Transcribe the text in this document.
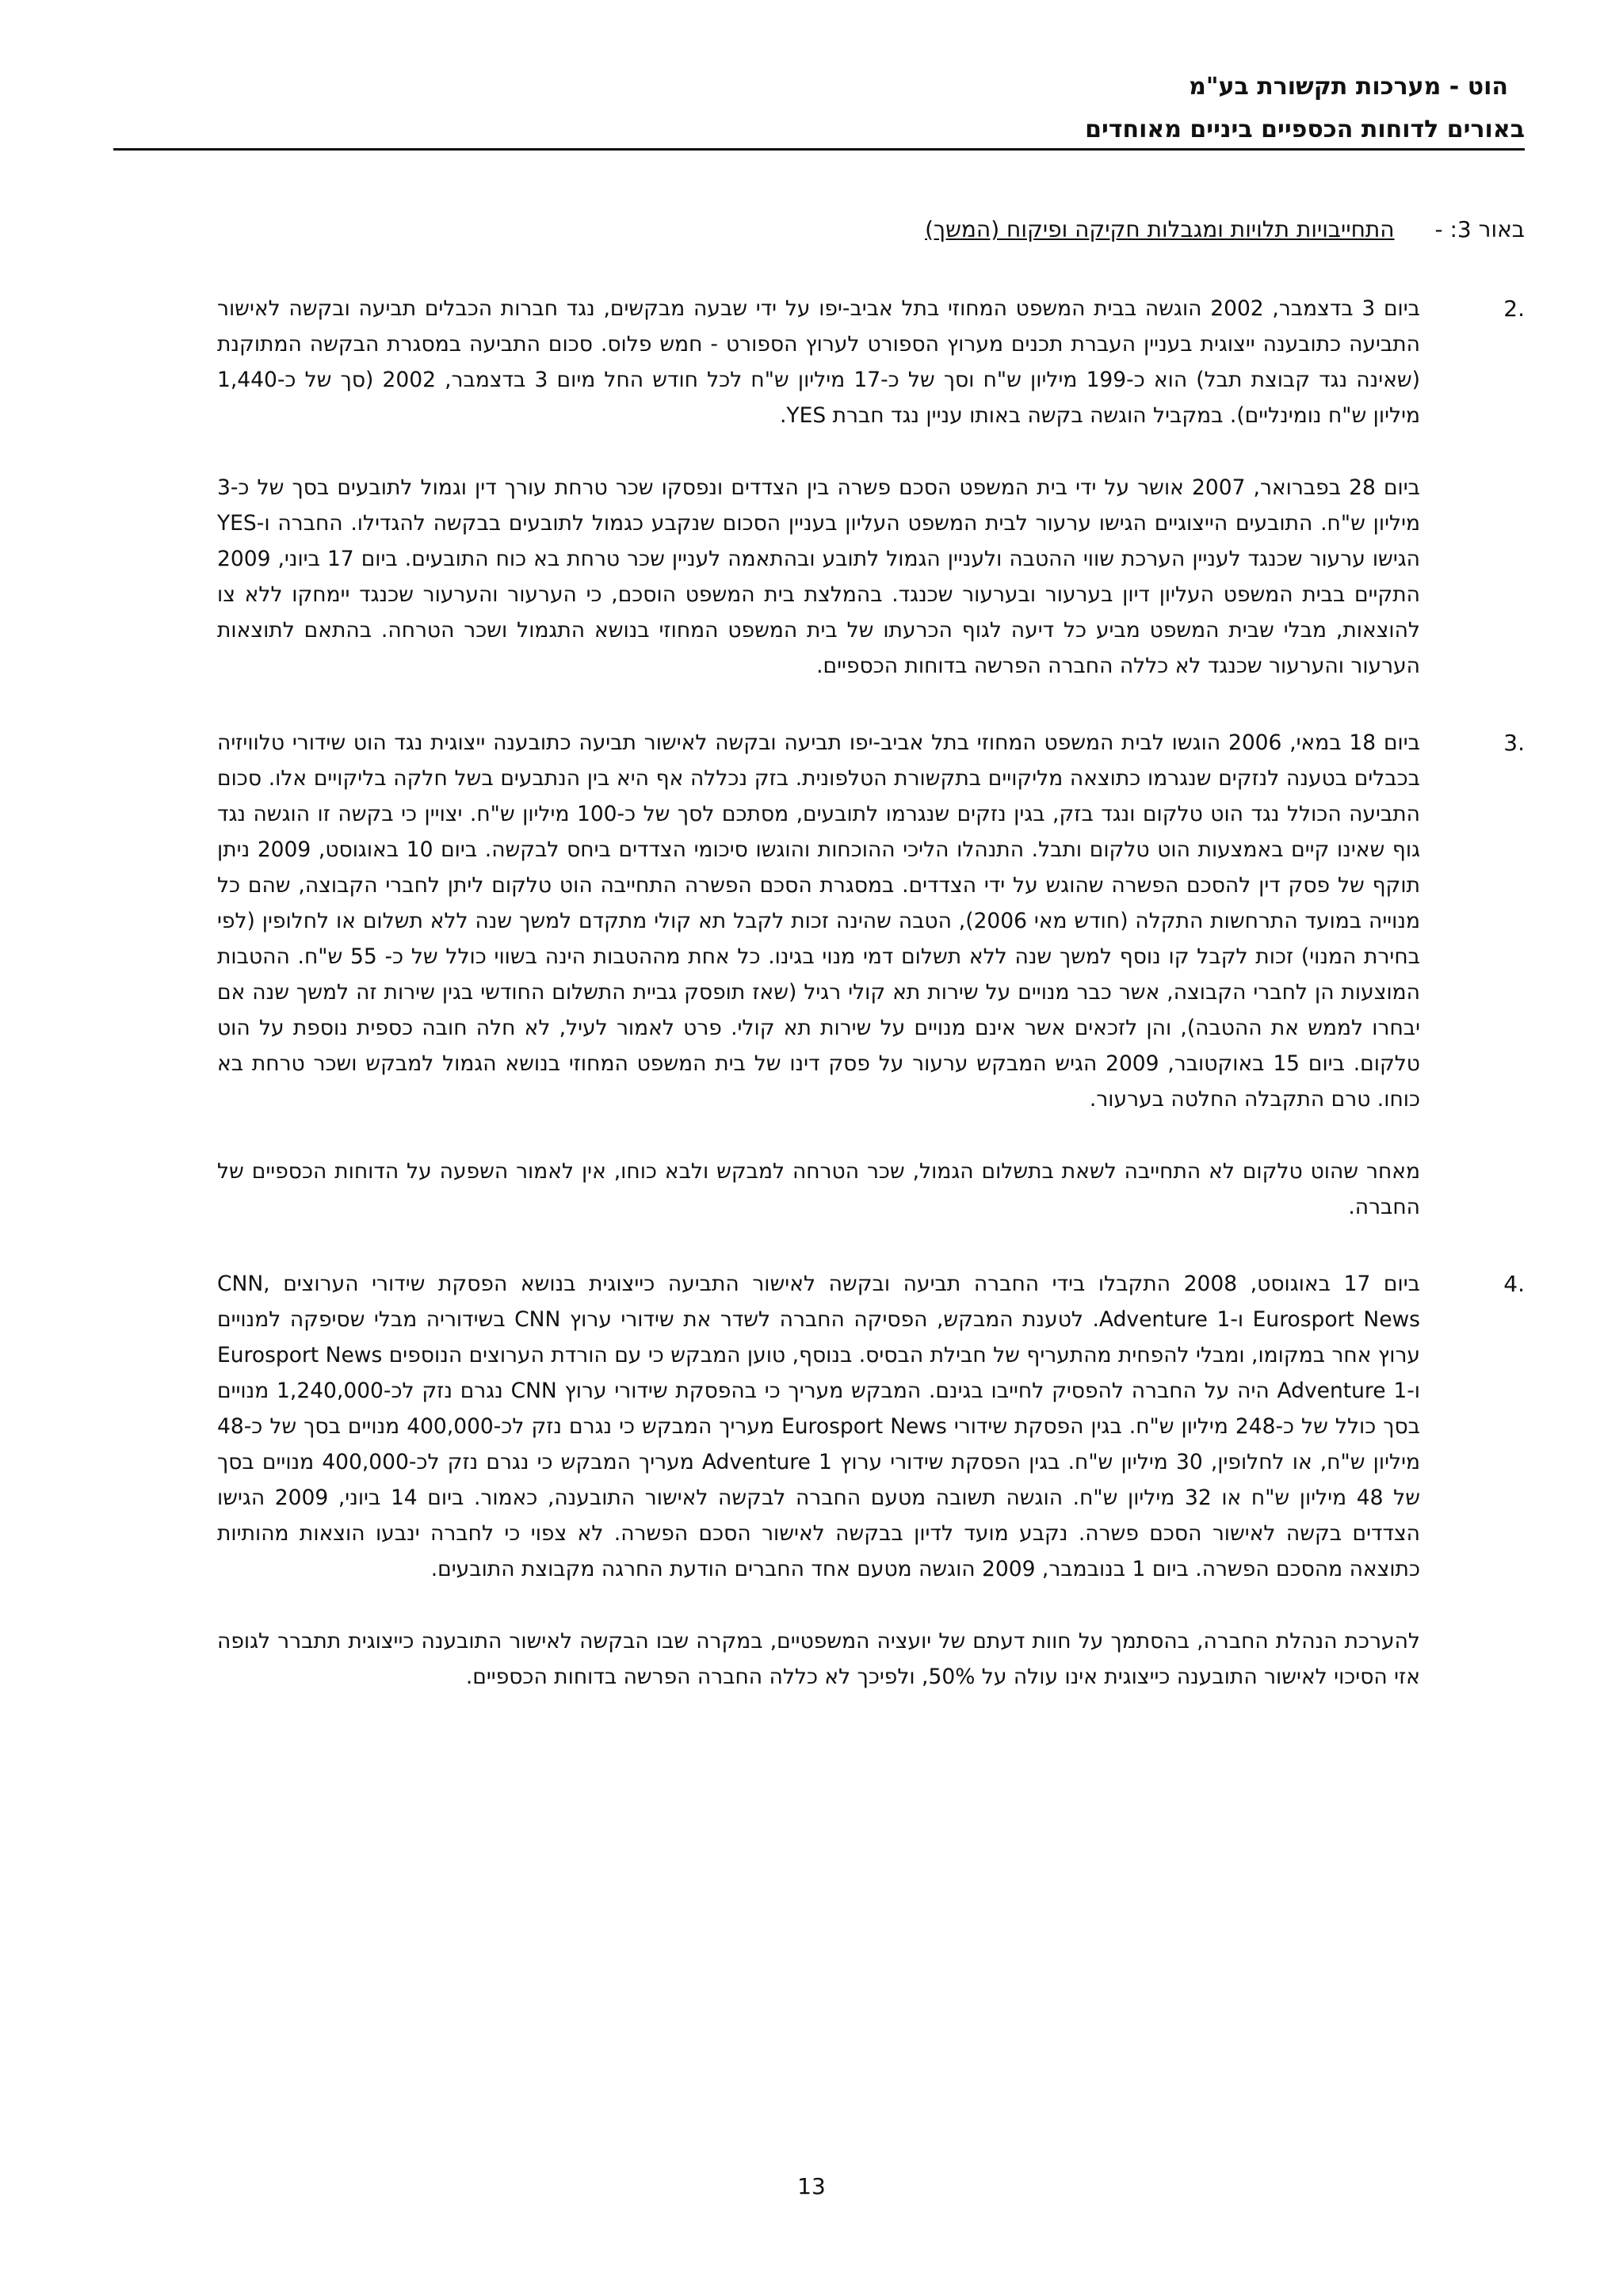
הוט - מערכות תקשורת בע"מ
באורים לדוחות הכספיים ביניים מאוחדים
באור 3: - התחייבויות תלויות ומגבלות חקיקה ופיקוח (המשך)
.2

ביום 3 בדצמבר, 2002 הוגשה בבית המשפט המחוזי בתל אביב-יפו על ידי שבעה מבקשים, נגד חברות הכבלים תביעה ובקשה לאישור התביעה כתובענה ייצוגית בעניין העברת תכנים מערוץ הספורט לערוץ הספורט - חמש פלוס. סכום התביעה במסגרת הבקשה המתוקנת (שאינה נגד קבוצת תבל) הוא כ-199 מיליון ש"ח וסך של כ-17 מיליון ש"ח לכל חודש החל מיום 3 בדצמבר, 2002 (סך של כ-1,440 מיליון ש"ח נומינליים). במקביל הוגשה בקשה באותו עניין נגד חברת YES.

ביום 28 בפברואר, 2007 אושר על ידי בית המשפט הסכם פשרה בין הצדדים ונפסקו שכר טרחת עורך דין וגמול לתובעים בסך של כ-3 מיליון ש"ח. התובעים הייצוגיים הגישו ערעור לבית המשפט העליון בעניין הסכום שנקבע כגמול לתובעים בבקשה להגדילו. החברה ו-YES הגישו ערעור שכנגד לעניין הערכת שווי ההטבה ולעניין הגמול לתובע ובהתאמה לעניין שכר טרחת בא כוח התובעים. ביום 17 ביוני, 2009 התקיים בבית המשפט העליון דיון בערעור ובערעור שכנגד. בהמלצת בית המשפט הוסכם, כי הערעור והערעור שכנגד יימחקו ללא צו להוצאות, מבלי שבית המשפט מביע כל דיעה לגוף הכרעתו של בית המשפט המחוזי בנושא התגמול ושכר הטרחה. בהתאם לתוצאות הערעור והערעור שכנגד לא כללה החברה הפרשה בדוחות הכספיים.

.3

ביום 18 במאי, 2006 הוגשו לבית המשפט המחוזי בתל אביב-יפו תביעה ובקשה לאישור תביעה כתובענה ייצוגית נגד הוט שידורי טלוויזיה בכבלים בטענה לנזקים שנגרמו כתוצאה מליקויים בתקשורת הטלפונית. בזק נכללה אף היא בין הנתבעים בשל חלקה בליקויים אלו. סכום התביעה הכולל נגד הוט טלקום ונגד בזק, בגין נזקים שנגרמו לתובעים, מסתכם לסך של כ-100 מיליון ש"ח. יצויין כי בקשה זו הוגשה נגד גוף שאינו קיים באמצעות הוט טלקום ותבל. התנהלו הליכי ההוכחות והוגשו סיכומי הצדדים ביחס לבקשה. ביום 10 באוגוסט, 2009 ניתן תוקף של פסק דין להסכם הפשרה שהוגש על ידי הצדדים. במסגרת הסכם הפשרה התחייבה הוט טלקום ליתן לחברי הקבוצה, שהם כל מנוייה במועד התרחשות התקלה (חודש מאי 2006), הטבה שהינה זכות לקבל תא קולי מתקדם למשך שנה ללא תשלום או לחלופין (לפי בחירת המנוי) זכות לקבל קו נוסף למשך שנה ללא תשלום דמי מנוי בגינו. כל אחת מההטבות הינה בשווי כולל של כ- 55 ש"ח. ההטבות המוצעות הן לחברי הקבוצה, אשר כבר מנויים על שירות תא קולי רגיל (שאז תופסק גביית התשלום החודשי בגין שירות זה למשך שנה אם יבחרו לממש את ההטבה), והן לזכאים אשר אינם מנויים על שירות תא קולי. פרט לאמור לעיל, לא חלה חובה כספית נוספת על הוט טלקום. ביום 15 באוקטובר, 2009 הגיש המבקש ערעור על פסק דינו של בית המשפט המחוזי בנושא הגמול למבקש ושכר טרחת בא כוחו. טרם התקבלה החלטה בערעור.

מאחר שהוט טלקום לא התחייבה לשאת בתשלום הגמול, שכר הטרחה למבקש ולבא כוחו, אין לאמור השפעה על הדוחות הכספיים של החברה.

.4

ביום 17 באוגוסט, 2008 התקבלו בידי החברה תביעה ובקשה לאישור התביעה כייצוגית בנושא הפסקת שידורי הערוצים CNN, Eurosport News ו-Adventure 1. לטענת המבקש, הפסיקה החברה לשדר את שידורי ערוץ CNN בשידוריה מבלי שסיפקה למנויים ערוץ אחר במקומו, ומבלי להפחית מהתעריף של חבילת הבסיס. בנוסף, טוען המבקש כי עם הורדת הערוצים הנוספים Eurosport News ו-Adventure 1 היה על החברה להפסיק לחייבו בגינם. המבקש מעריך כי בהפסקת שידורי ערוץ CNN נגרם נזק לכ-1,240,000 מנויים בסך כולל של כ-248 מיליון ש"ח. בגין הפסקת שידורי Eurosport News מעריך המבקש כי נגרם נזק לכ-400,000 מנויים בסך של כ-48 מיליון ש"ח, או לחלופין, 30 מיליון ש"ח. בגין הפסקת שידורי ערוץ Adventure 1 מעריך המבקש כי נגרם נזק לכ-400,000 מנויים בסך של 48 מיליון ש"ח או 32 מיליון ש"ח. הוגשה תשובה מטעם החברה לבקשה לאישור התובענה, כאמור. ביום 14 ביוני, 2009 הגישו הצדדים בקשה לאישור הסכם פשרה. נקבע מועד לדיון בבקשה לאישור הסכם הפשרה. לא צפוי כי לחברה ינבעו הוצאות מהותיות כתוצאה מהסכם הפשרה. ביום 1 בנובמבר, 2009 הוגשה מטעם אחד החברים הודעת החרגה מקבוצת התובעים.

להערכת הנהלת החברה, בהסתמך על חוות דעתם של יועציה המשפטיים, במקרה שבו הבקשה לאישור התובענה כייצוגית תתברר לגופה אזי הסיכוי לאישור התובענה כייצוגית אינו עולה על 50%, ולפיכך לא כללה החברה הפרשה בדוחות הכספיים.

13
